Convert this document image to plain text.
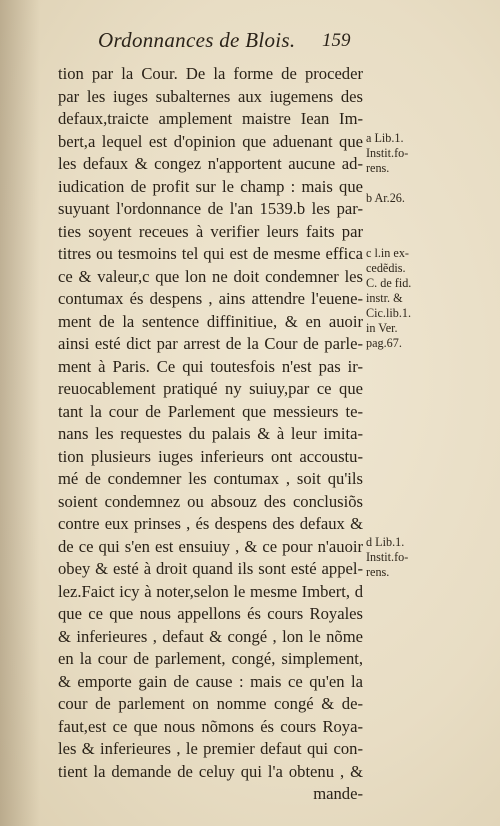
Ordonnances de Blois.	159
tion par la Cour. De la forme de proceder
par les iuges subalternes aux iugemens des
defaux,traicte amplement maistre Iean Im-
bert,a lequel est d'opinion que aduenant que
les defaux & congez n'apportent aucune ad-
iudication de profit sur le champ : mais que
suyuant l'ordonnance de l'an 1539.b les par-
ties soyent receues à verifier leurs faits par
titres ou tesmoins tel qui est de mesme effica
ce & valeur,c que lon ne doit condemner les
contumax és despens , ains attendre l'euene-
ment de la sentence diffinitiue, & en auoir
ainsi esté dict par arrest de la Cour de parle-
ment à Paris. Ce qui toutesfois n'est pas ir-
reuocablement pratiqué ny suiuy,par ce que
tant la cour de Parlement que messieurs te-
nans les requestes du palais & à leur imita-
tion plusieurs iuges inferieurs ont accoustu-
mé de condemner les contumax , soit qu'ils
soient condemnez ou absouz des conclusiõs
contre eux prinses , és despens des defaux &
de ce qui s'en est ensuiuy , & ce pour n'auoir
obey & esté à droit quand ils sont esté appel-
lez.Faict icy à noter,selon le mesme Imbert, d
que ce que nous appellons és cours Royales
& inferieures , defaut & congé , lon le nõme
en la cour de parlement, congé, simplement,
& emporte gain de cause : mais ce qu'en la
cour de parlement on nomme congé & de-
faut,est ce que nous nõmons és cours Roya-
les & inferieures , le premier defaut qui con-
tient la demande de celuy qui l'a obtenu , &
mande-
a Lib.1.
Instit.fo-
rens.
b Ar.26.
c l.in ex-
cedẽdis.
C. de fid.
instr. &
Cic.lib.1.
in Ver.
pag.67.
d Lib.1.
Instit.fo-
rens.
